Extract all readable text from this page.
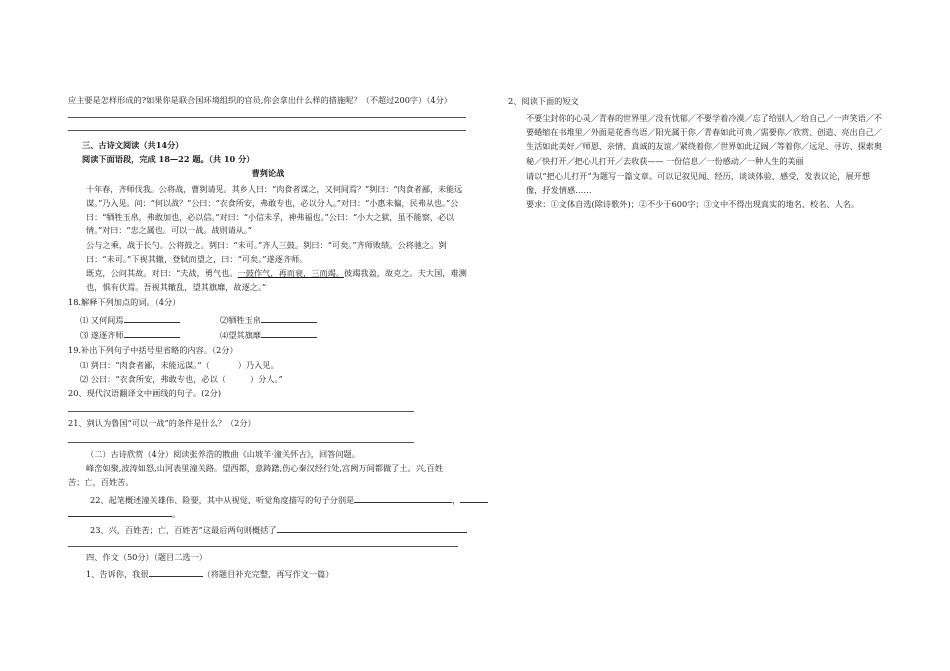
应主要是怎样形成的?如果你是联合国环境组织的官员,你会拿出什么样的措施呢？（不超过200字）（4分）
三、古诗文阅读（共14分）
阅读下面语段，完成 18—22 题。（共 10 分）
曹刿论战
十年春，齐师伐我。公将战，曹刿请见。其乡人曰：“肉食者谋之，又何间焉？”刿曰：“肉食者鄙，未能远谋。”乃入见。问：“何以战？”公曰：“衣食所安，弗敢专也，必以分人。”对曰：“小惠未徧，民弗从也。”公曰：“牺牲玉帛，弗敢加也，必以信。”对曰：“小信未孚，神弗福也。”公曰：“小大之狱，虽不能察，必以情。”对曰：“忠之属也。可以一战。战则请从。”
公与之乘，战于长勺。公将鼓之。刿曰：“未可。”齐人三鼓。刿曰：“可矣。”齐师败绩。公将驰之。刿曰：“未可。”下视其辙，登轼而望之，曰：“可矣。”遂逐齐师。
既克，公问其故。对曰：“夫战，勇气也。一鼓作气，再而衰，三而竭。彼竭我盈，故克之。夫大国，难测也，惧有伏焉。吾视其辙乱，望其旗靡，故逐之。”
18.解释下列加点的词。（4分）
⑴ 又何间焉	⑵牺牲玉帛
⑶ 遂逐齐师	⑷望其旗靡
19.补出下列句子中括号里省略的内容。（2分）
⑴ 刿曰：“肉食者鄙，未能远谋。”（	）乃入见。
⑵ 公曰：“衣食所安，弗敢专也，必以（	）分人。”
20、现代汉语翻译文中画线的句子。(2分)
21、刿认为鲁国“可以一战”的条件是什么？（2分）
（二）古诗欣赏（4分）阅读张养浩的散曲《山坡羊·潼关怀古》，回答问题。
峰峦如聚,波涛如怒,山河表里潼关路。望西都，意踌躇,伤心秦汉经行处,宫阙万间都做了土。兴,百姓
苦；亡，百姓苦。
22、起笔概述潼关雄伟、险要，其中从视觉、听觉角度描写的句子分别是	，
。
23、兴，百姓苦；亡，百姓苦”这最后两句则概括了
四、作文（50分）（题目二选一）
1、告诉你，我很	（将题目补充完整，再写作文一篇）
2、阅读下面的短文
不要尘封你的心灵／青春的世界里／没有忧郁／不要学着冷漠／忘了给别人／给自己／一声笑语／不要蜷缩在书堆里／外面是花香鸟语／阳光属于你／青春如此可贵／需要你／欣赏、创造、亮出自己／生活如此美好／师恩、亲情、真诚的友谊／紧绕着你／世界如此辽阔／等着你／远足、寻访、探索奥秘／快打开／把心儿打开／去收获—— 一份信息／一份感动／一种人生的美丽
请以“把心儿打开”为题写一篇文章。可以记叙见闻、经历，谈谈体验、感受，发表议论，展开想像，抒发情感……
要求：①文体自选(除诗歌外)；②不少于600字；③文中不得出现真实的地名、校名、人名。
